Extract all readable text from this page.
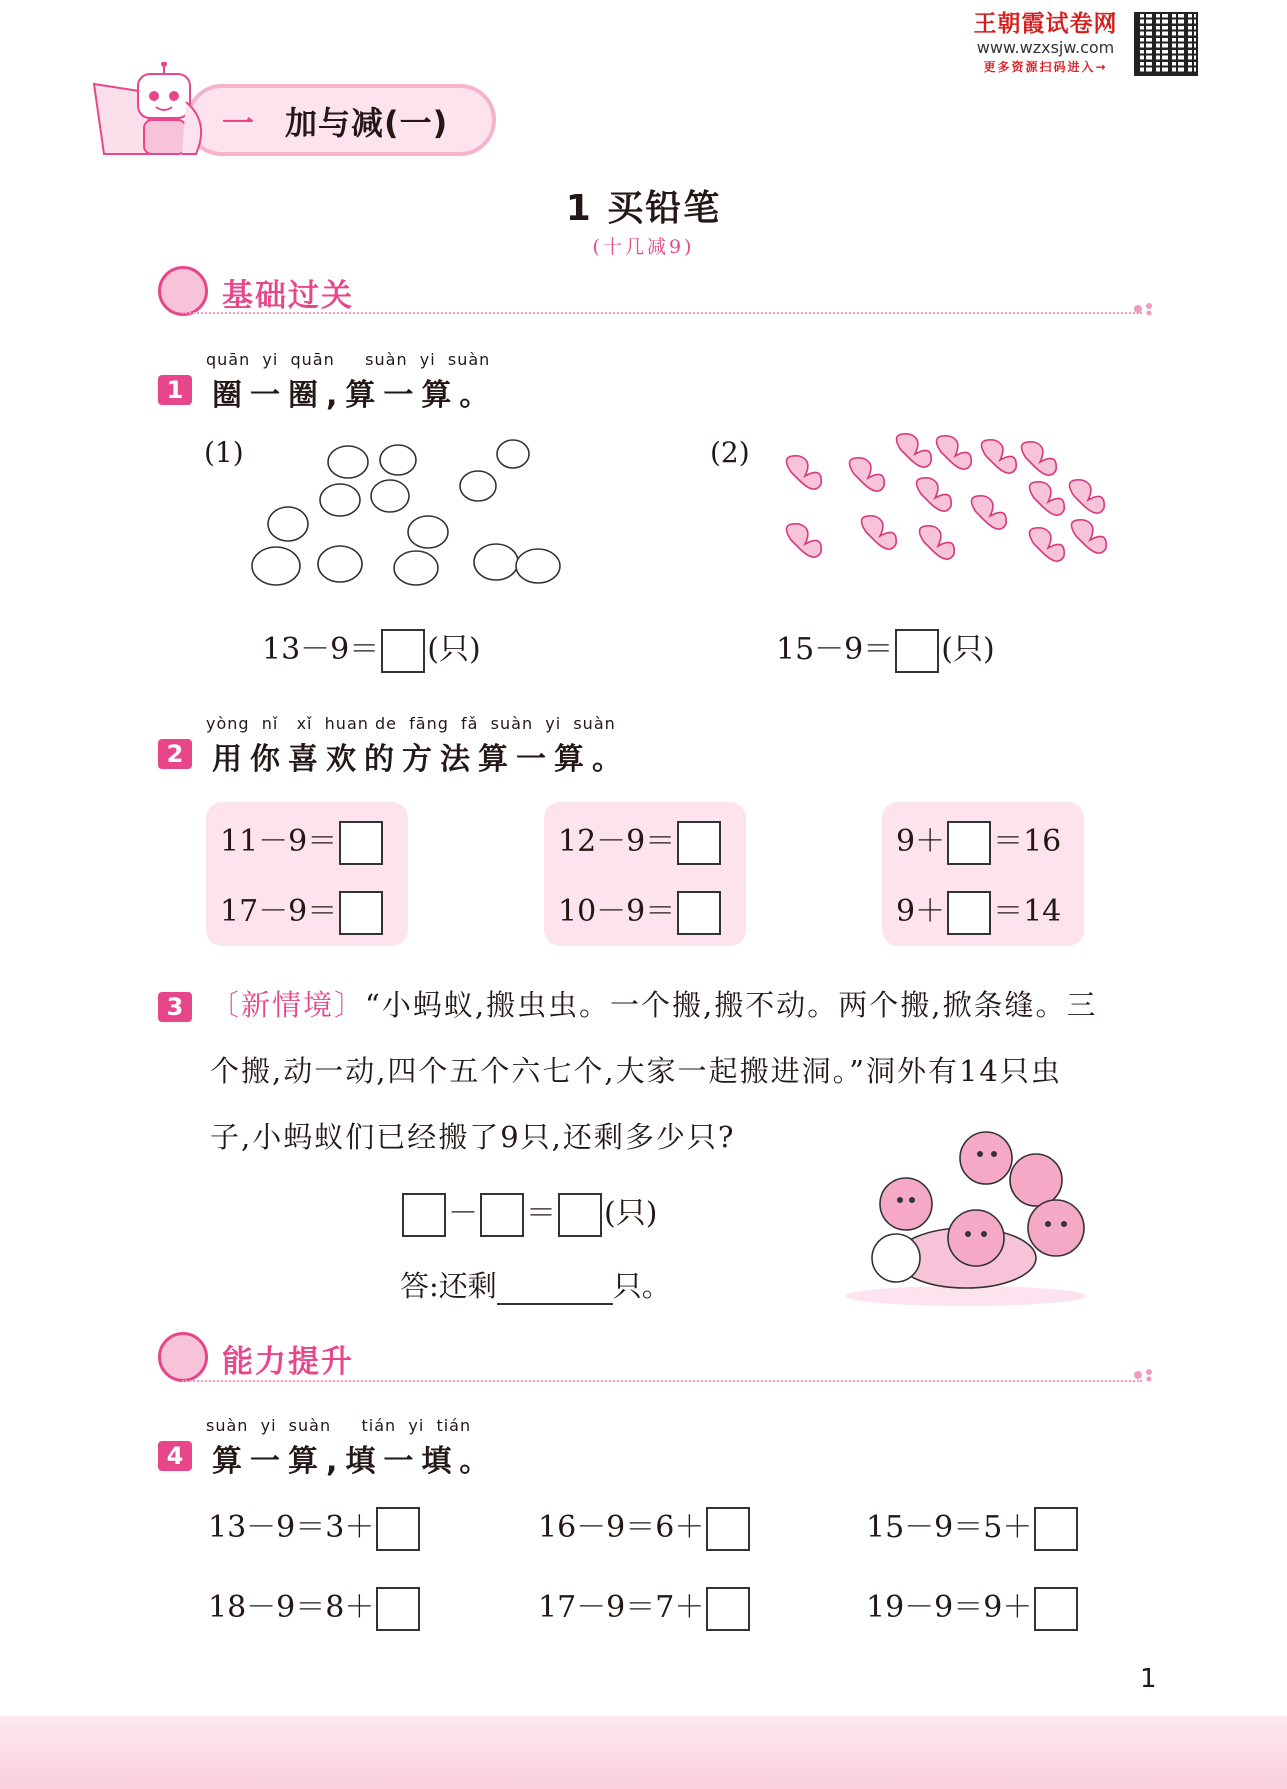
王朝霞试卷网
www.wzxsjw.com
更多资源扫码进入→
一 加与减(一)
1 买铅笔
(十几减9)
基础过关
quān  yi  quān     suàn  yi  suàn
1 圈一圈,算一算。
(1)
13－9＝ (只)
(2)
15－9＝ (只)
yòng  nǐ   xǐ  huan de  fāng  fǎ  suàn  yi  suàn
2 用你喜欢的方法算一算。
11－9＝
17－9＝
12－9＝
10－9＝
9＋ ＝16
9＋ ＝14
3 〔新情境〕“小蚂蚁,搬虫虫。一个搬,搬不动。两个搬,掀条缝。三
个搬,动一动,四个五个六七个,大家一起搬进洞。”洞外有14只虫
子,小蚂蚁们已经搬了9只,还剩多少只?
－ ＝ (只)
答:还剩	只。
能力提升
suàn  yi  suàn     tián  yi  tián
4 算一算,填一填。
13－9＝3＋	16－9＝6＋	15－9＝5＋
18－9＝8＋	17－9＝7＋	19－9＝9＋
1
